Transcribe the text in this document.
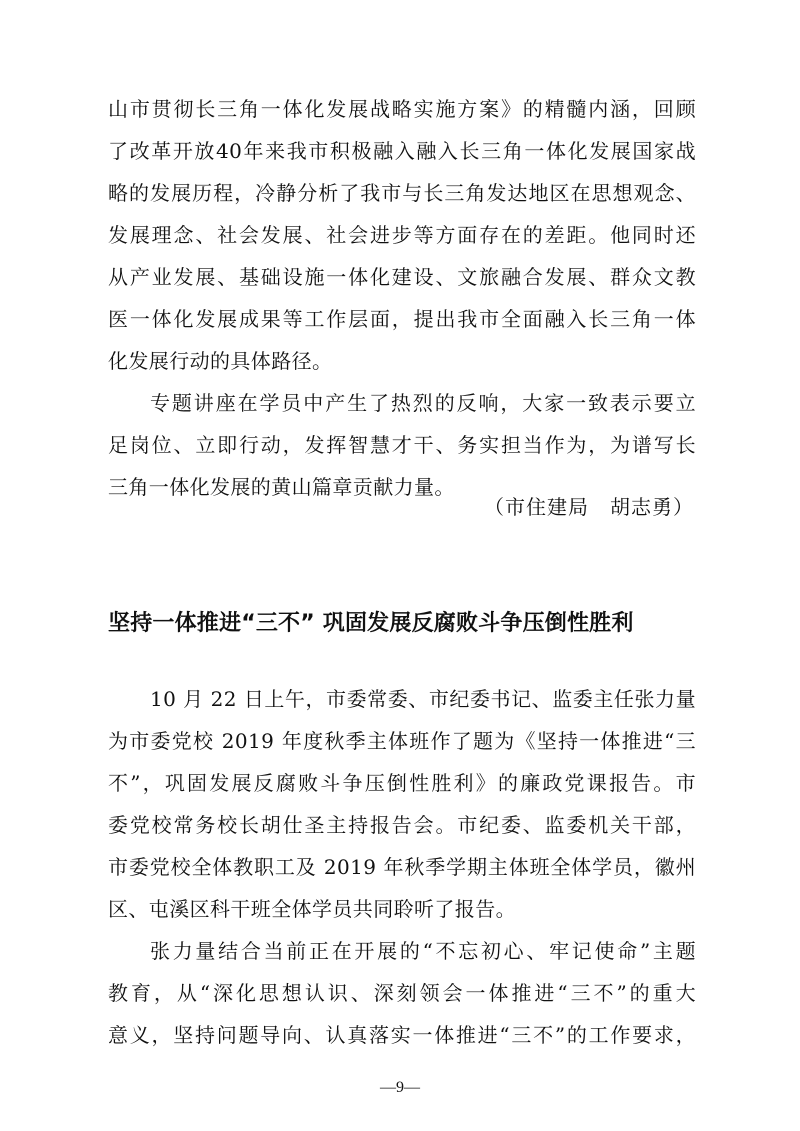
山市贯彻长三角一体化发展战略实施方案》的精髓内涵，回顾
了改革开放40年来我市积极融入融入长三角一体化发展国家战
略的发展历程，冷静分析了我市与长三角发达地区在思想观念、
发展理念、社会发展、社会进步等方面存在的差距。他同时还
从产业发展、基础设施一体化建设、文旅融合发展、群众文教
医一体化发展成果等工作层面，提出我市全面融入长三角一体
化发展行动的具体路径。
专题讲座在学员中产生了热烈的反响，大家一致表示要立
足岗位、立即行动，发挥智慧才干、务实担当作为，为谱写长
三角一体化发展的黄山篇章贡献力量。
（市住建局　胡志勇）
坚持一体推进“三不” 巩固发展反腐败斗争压倒性胜利
10 月 22 日上午，市委常委、市纪委书记、监委主任张力量
为市委党校 2019 年度秋季主体班作了题为《坚持一体推进“三
不”，巩固发展反腐败斗争压倒性胜利》的廉政党课报告。市
委党校常务校长胡仕圣主持报告会。市纪委、监委机关干部，
市委党校全体教职工及 2019 年秋季学期主体班全体学员，徽州
区、屯溪区科干班全体学员共同聆听了报告。
张力量结合当前正在开展的“不忘初心、牢记使命”主题
教育，从“深化思想认识、深刻领会一体推进“三不”的重大
意义，坚持问题导向、认真落实一体推进“三不”的工作要求，
—9—
